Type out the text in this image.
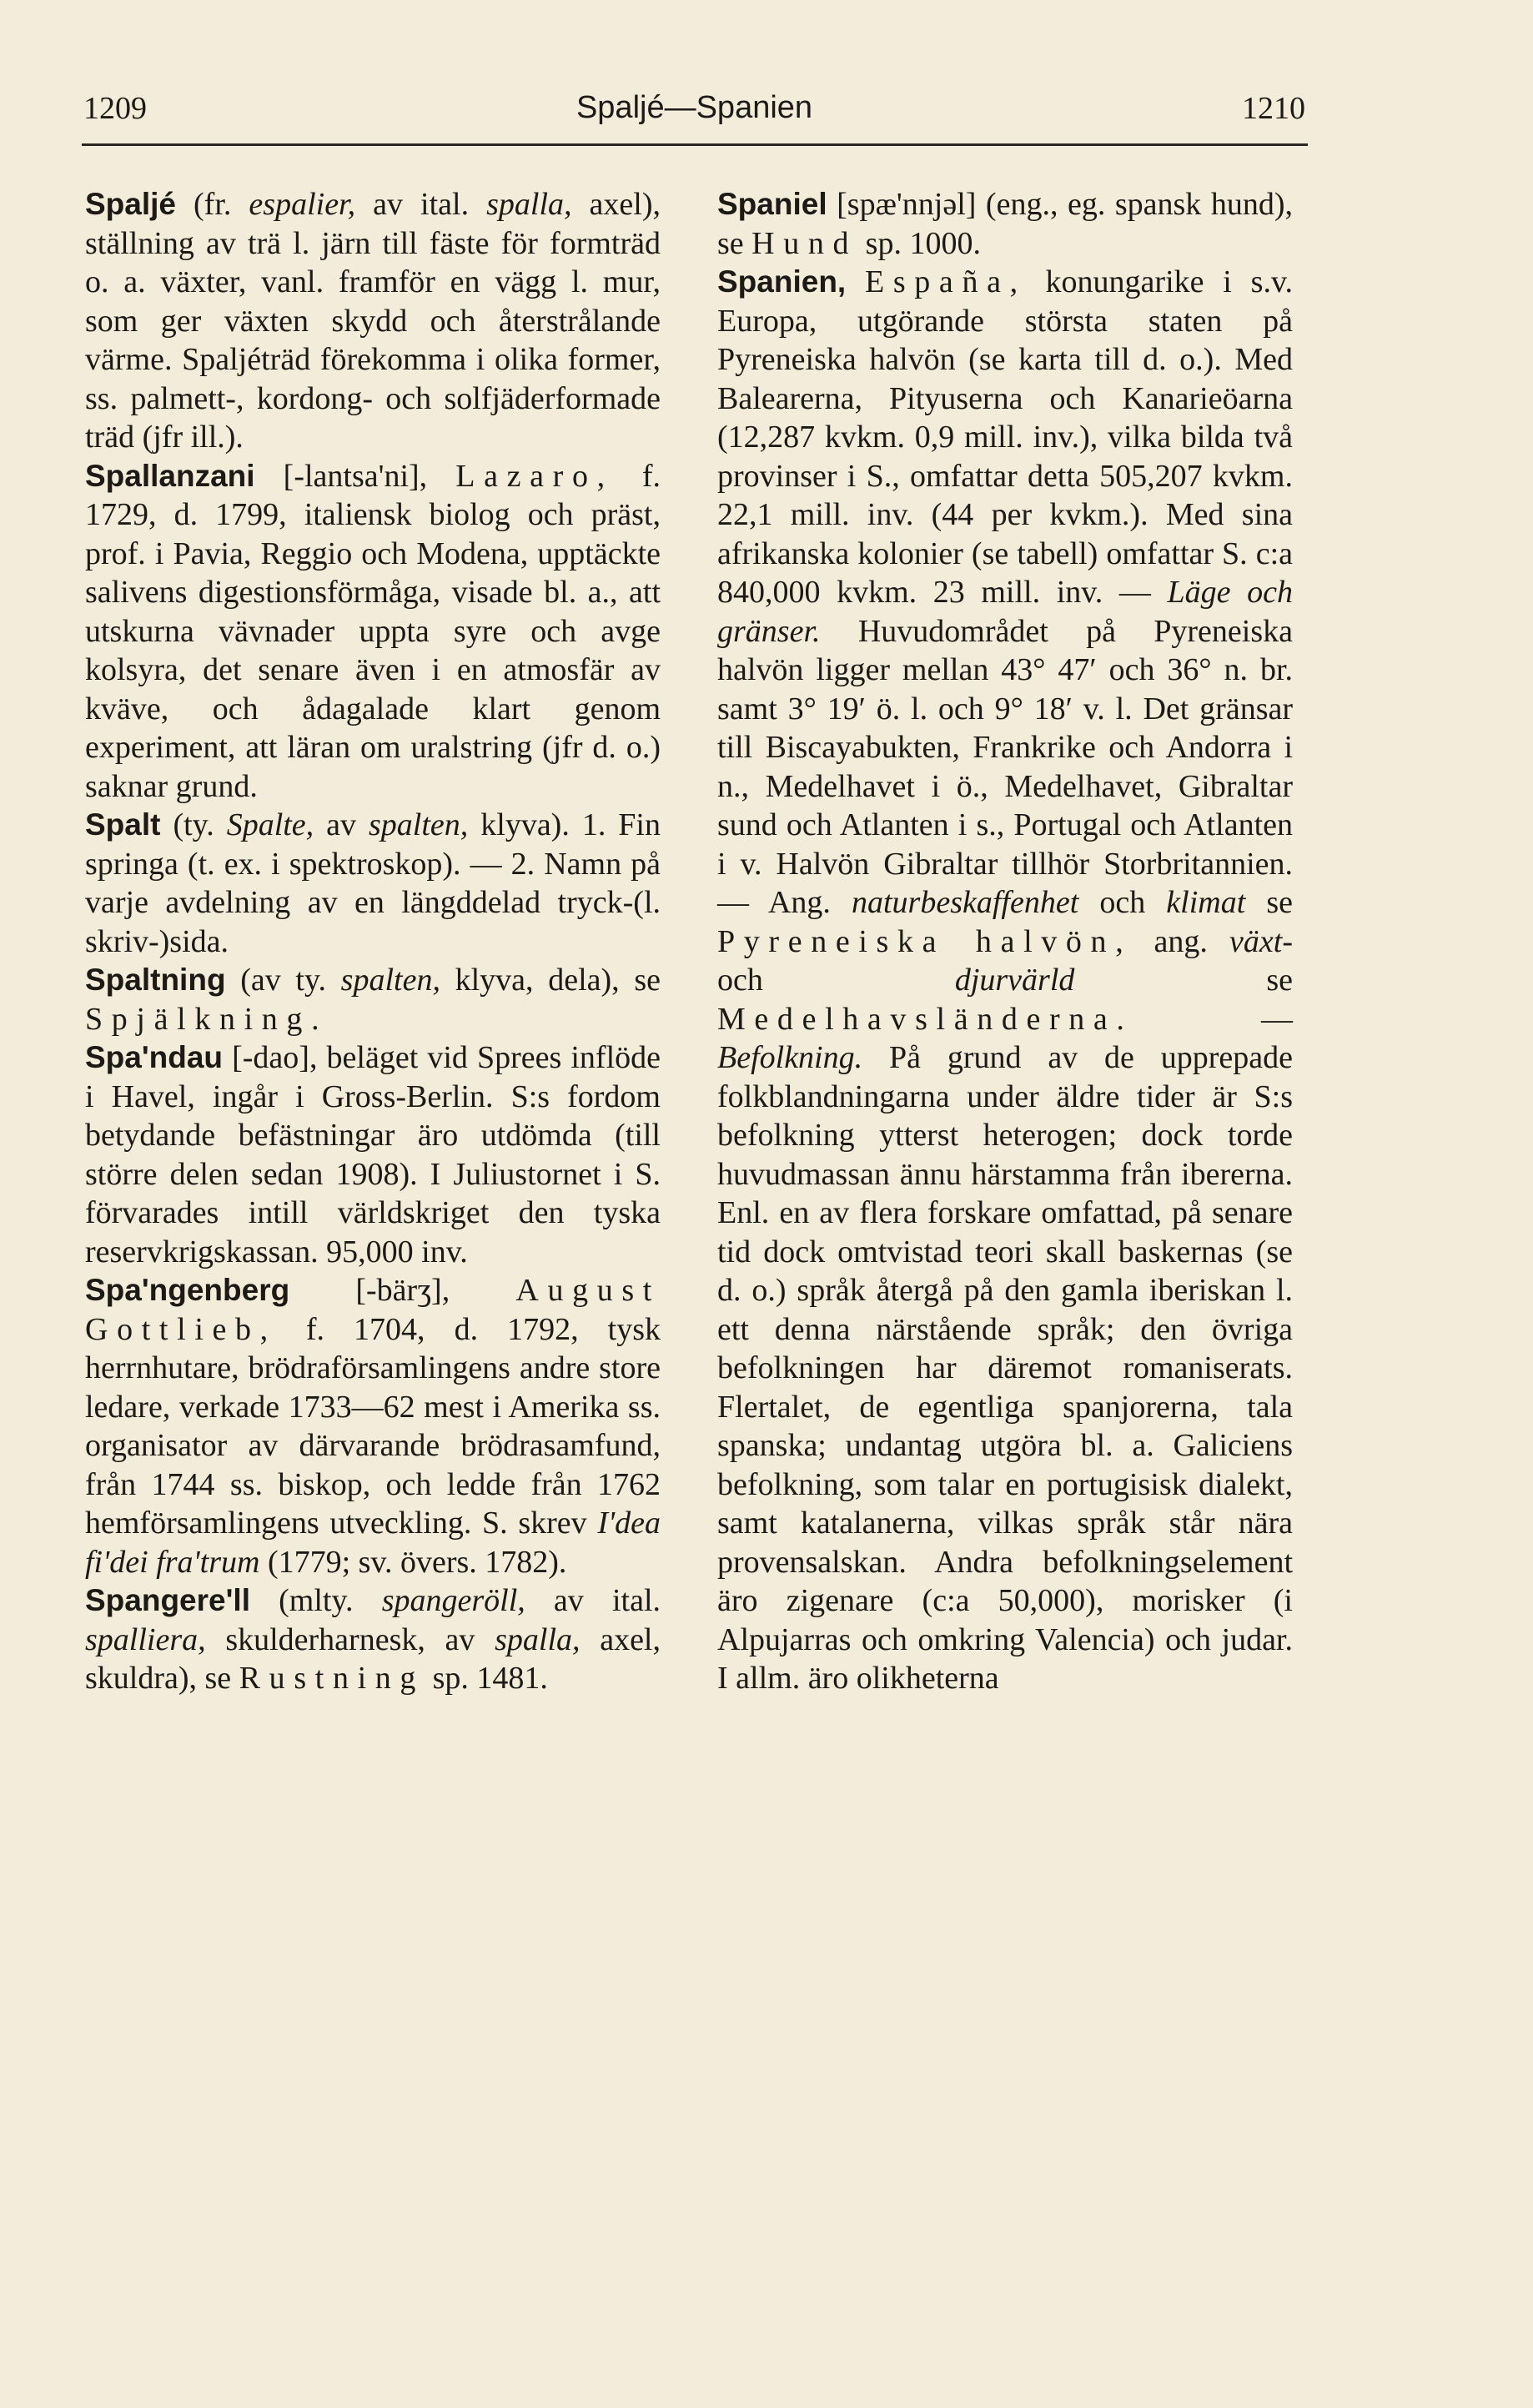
1209	Spaljé—Spanien	1210

Spaljé (fr. espalier, av ital. spalla, axel), ställning av trä l. järn till fäste för formträd o. a. växter, vanl. framför en vägg l. mur, som ger växten skydd och återstrålande värme. Spaljéträd förekomma i olika former, ss. palmett-, kordong- och solfjäderformade träd (jfr ill.).

Spallanzani [-lantsa'ni], Lazaro, f. 1729, d. 1799, italiensk biolog och präst, prof. i Pavia, Reggio och Modena, upptäckte salivens digestionsförmåga, visade bl. a., att utskurna vävnader uppta syre och avge kolsyra, det senare även i en atmosfär av kväve, och ådagalade klart genom experiment, att läran om uralstring (jfr d. o.) saknar grund.

Spalt (ty. Spalte, av spalten, klyva). 1. Fin springa (t. ex. i spektroskop). — 2. Namn på varje avdelning av en längddelad tryck-(l. skriv-)sida.

Spaltning (av ty. spalten, klyva, dela), se Spjälkning.

Spa'ndau [-dao], beläget vid Sprees inflöde i Havel, ingår i Gross-Berlin. S:s fordom betydande befästningar äro utdömda (till större delen sedan 1908). I Juliustornet i S. förvarades intill världskriget den tyska reservkrigskassan. 95,000 inv.

Spa'ngenberg [-bärʒ], August Gottlieb, f. 1704, d. 1792, tysk herrnhutare, brödraförsamlingens andre store ledare, verkade 1733—62 mest i Amerika ss. organisator av därvarande brödrasamfund, från 1744 ss. biskop, och ledde från 1762 hemförsamlingens utveckling. S. skrev I'dea fi'dei fra'trum (1779; sv. övers. 1782).

Spangere'll (mlty. spangeröll, av ital. spalliera, skulderharnesk, av spalla, axel, skuldra), se Rustning sp. 1481.

Spaniel [spæ'nnjəl] (eng., eg. spansk hund), se Hund sp. 1000.

Spanien, España, konungarike i s.v. Europa, utgörande största staten på Pyreneiska halvön (se karta till d. o.). Med Balearerna, Pityuserna och Kanarieöarna (12,287 kvkm. 0,9 mill. inv.), vilka bilda två provinser i S., omfattar detta 505,207 kvkm. 22,1 mill. inv. (44 per kvkm.). Med sina afrikanska kolonier (se tabell) omfattar S. c:a 840,000 kvkm. 23 mill. inv. — Läge och gränser. Huvudområdet på Pyreneiska halvön ligger mellan 43° 47′ och 36° n. br. samt 3° 19′ ö. l. och 9° 18′ v. l. Det gränsar till Biscayabukten, Frankrike och Andorra i n., Medelhavet i ö., Medelhavet, Gibraltar sund och Atlanten i s., Portugal och Atlanten i v. Halvön Gibraltar tillhör Storbritannien. — Ang. naturbeskaffenhet och klimat se Pyreneiska halvön, ang. växt- och djurvärld se Medelhavsländerna. — Befolkning. På grund av de upprepade folkblandningarna under äldre tider är S:s befolkning ytterst heterogen; dock torde huvudmassan ännu härstamma från ibererna. Enl. en av flera forskare omfattad, på senare tid dock omtvistad teori skall baskernas (se d. o.) språk återgå på den gamla iberiskan l. ett denna närstående språk; den övriga befolkningen har däremot romaniserats. Flertalet, de egentliga spanjorerna, tala spanska; undantag utgöra bl. a. Galiciens befolkning, som talar en portugisisk dialekt, samt katalanerna, vilkas språk står nära provensalskan. Andra befolkningselement äro zigenare (c:a 50,000), morisker (i Alpujarras och omkring Valencia) och judar. I allm. äro olikheterna
